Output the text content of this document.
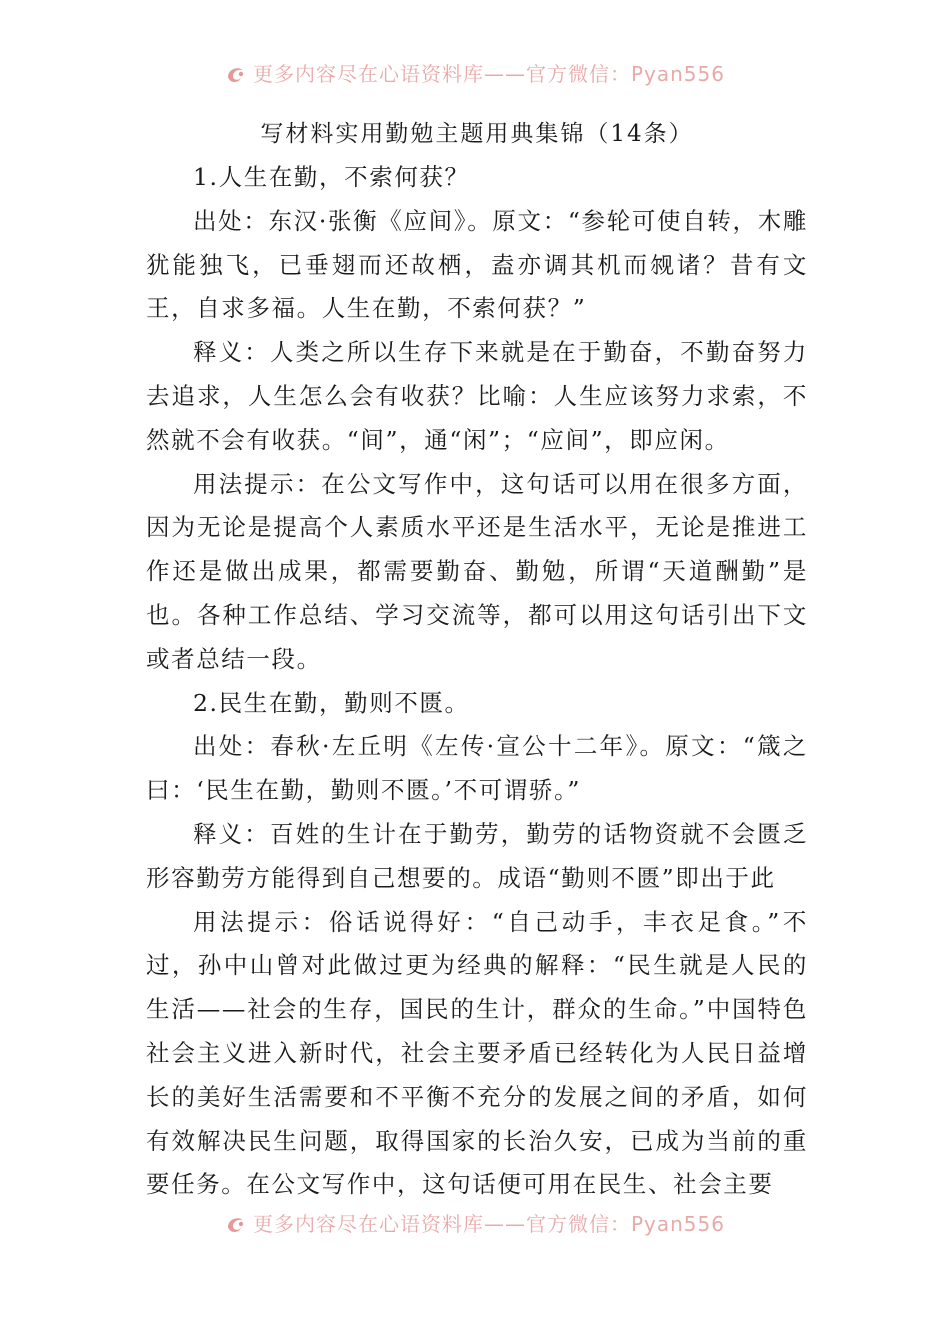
更多内容尽在心语资料库——官方微信：Pyan556

写材料实用勤勉主题用典集锦（14条）

1.人生在勤，不索何获？

出处：东汉·张衡《应间》。原文：“参轮可使自转，木雕犹能独飞，已垂翅而还故栖，盍亦调其机而𫌨诸？昔有文王，自求多福。人生在勤，不索何获？”

释义：人类之所以生存下来就是在于勤奋，不勤奋努力去追求，人生怎么会有收获？比喻：人生应该努力求索，不然就不会有收获。“间”，通“闲”；“应间”，即应闲。

用法提示：在公文写作中，这句话可以用在很多方面，因为无论是提高个人素质水平还是生活水平，无论是推进工作还是做出成果，都需要勤奋、勤勉，所谓“天道酬勤”是也。各种工作总结、学习交流等，都可以用这句话引出下文或者总结一段。

2.民生在勤，勤则不匮。

出处：春秋·左丘明《左传·宣公十二年》。原文：“箴之曰：‘民生在勤，勤则不匮。’不可谓骄。”

释义：百姓的生计在于勤劳，勤劳的话物资就不会匮乏形容勤劳方能得到自己想要的。成语“勤则不匮”即出于此

用法提示：俗话说得好：“自己动手，丰衣足食。”不过，孙中山曾对此做过更为经典的解释：“民生就是人民的生活——社会的生存，国民的生计，群众的生命。”中国特色社会主义进入新时代，社会主要矛盾已经转化为人民日益增长的美好生活需要和不平衡不充分的发展之间的矛盾，如何有效解决民生问题，取得国家的长治久安，已成为当前的重要任务。在公文写作中，这句话便可用在民生、社会主要

更多内容尽在心语资料库——官方微信：Pyan556
